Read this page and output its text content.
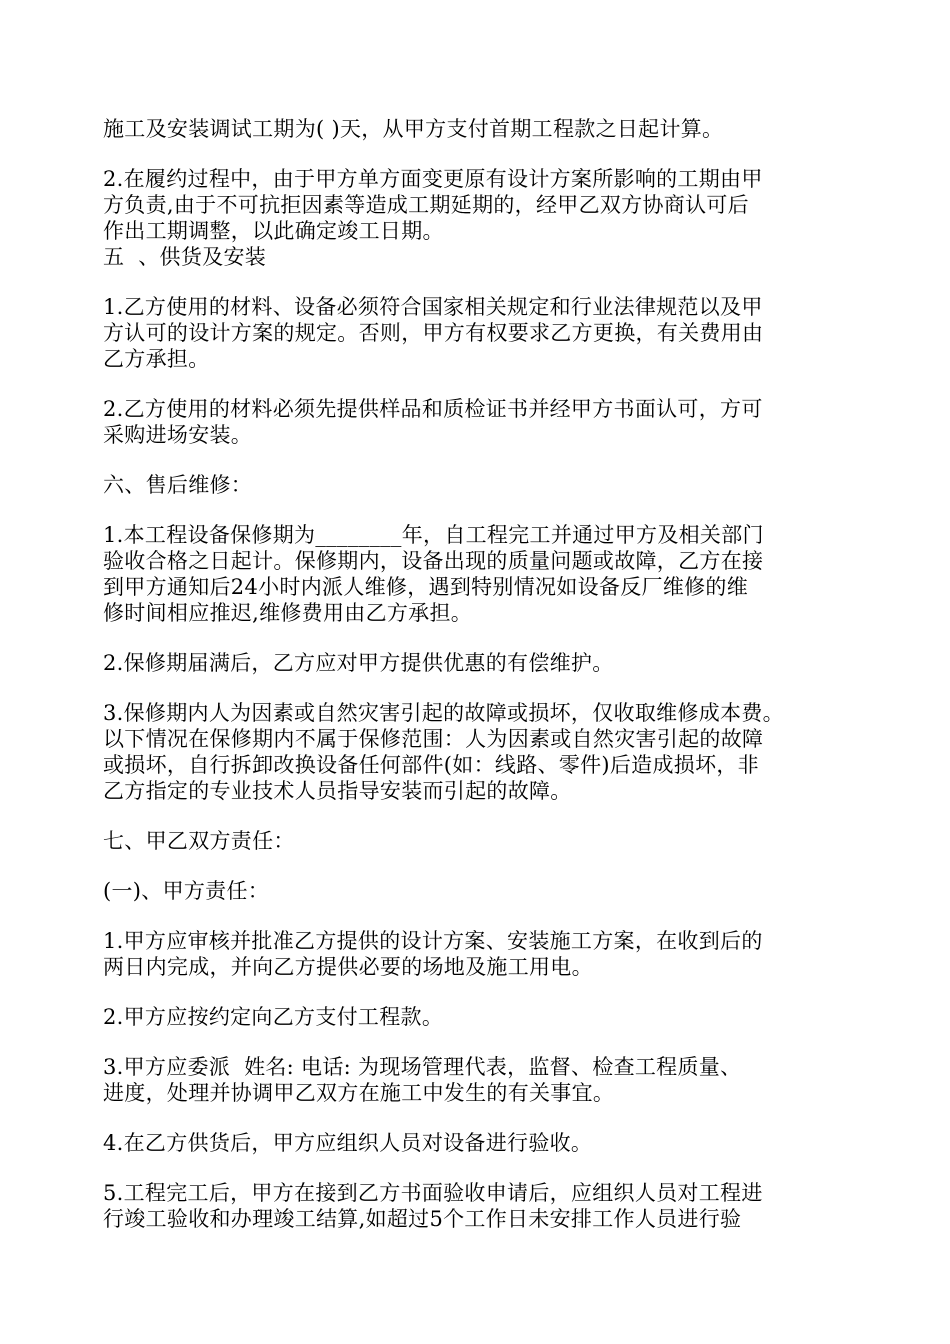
施工及安装调试工期为( )天，从甲方支付首期工程款之日起计算。
2.在履约过程中，由于甲方单方面变更原有设计方案所影响的工期由甲
方负责,由于不可抗拒因素等造成工期延期的，经甲乙双方协商认可后
作出工期调整，以此确定竣工日期。
五  、供货及安装
1.乙方使用的材料、设备必须符合国家相关规定和行业法律规范以及甲
方认可的设计方案的规定。否则，甲方有权要求乙方更换，有关费用由
乙方承担。
2.乙方使用的材料必须先提供样品和质检证书并经甲方书面认可，方可
采购进场安装。
六、售后维修：
1.本工程设备保修期为________年，自工程完工并通过甲方及相关部门
验收合格之日起计。保修期内，设备出现的质量问题或故障，乙方在接
到甲方通知后24小时内派人维修，遇到特别情况如设备反厂维修的维
修时间相应推迟,维修费用由乙方承担。
2.保修期届满后，乙方应对甲方提供优惠的有偿维护。
3.保修期内人为因素或自然灾害引起的故障或损坏，仅收取维修成本费。
以下情况在保修期内不属于保修范围：人为因素或自然灾害引起的故障
或损坏，自行拆卸改换设备任何部件(如：线路、零件)后造成损坏，非
乙方指定的专业技术人员指导安装而引起的故障。
七、甲乙双方责任：
(一)、甲方责任：
1.甲方应审核并批准乙方提供的设计方案、安装施工方案，在收到后的
两日内完成，并向乙方提供必要的场地及施工用电。
2.甲方应按约定向乙方支付工程款。
3.甲方应委派  姓名: 电话: 为现场管理代表，监督、检查工程质量、
进度，处理并协调甲乙双方在施工中发生的有关事宜。
4.在乙方供货后，甲方应组织人员对设备进行验收。
5.工程完工后，甲方在接到乙方书面验收申请后，应组织人员对工程进
行竣工验收和办理竣工结算,如超过5个工作日未安排工作人员进行验
